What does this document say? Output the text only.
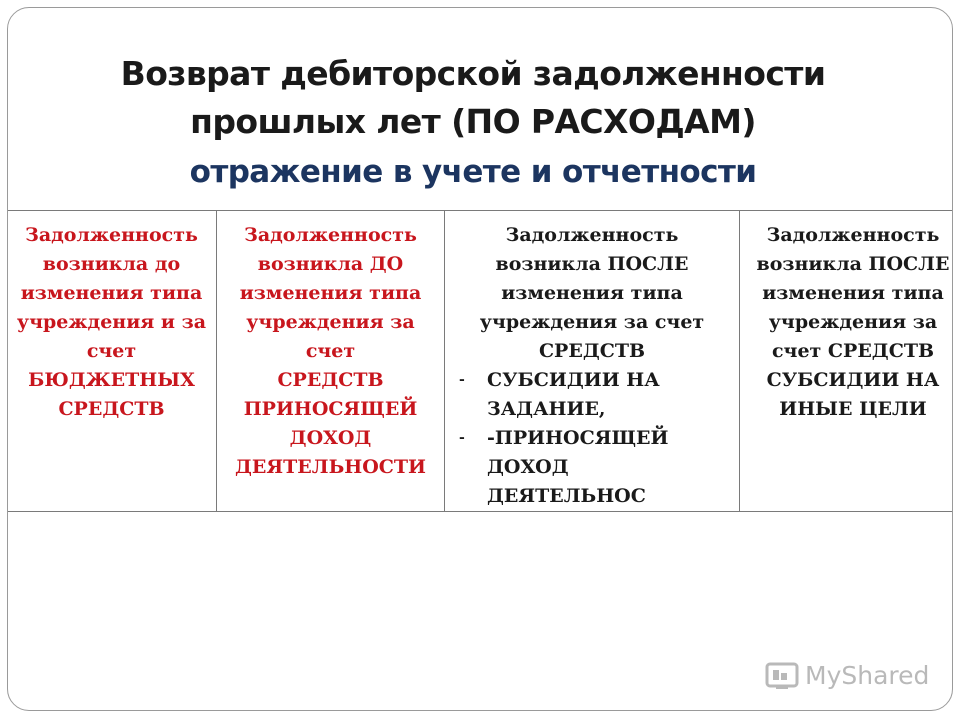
Возврат дебиторской задолженности
прошлых лет (ПО РАСХОДАМ)
отражение в учете и отчетности
Задолженность
возникла до
изменения типа
учреждения и за
счет
БЮДЖЕТНЫХ
СРЕДСТВ

Задолженность
возникла ДО
изменения типа
учреждения за
счет
СРЕДСТВ
ПРИНОСЯЩЕЙ
ДОХОД
ДЕЯТЕЛЬНОСТИ

Задолженность
возникла ПОСЛЕ
изменения типа
учреждения за счет
СРЕДСТВ
- СУБСИДИИ НА ЗАДАНИЕ,
- -ПРИНОСЯЩЕЙ ДОХОД ДЕЯТЕЛЬНОС

Задолженность
возникла ПОСЛЕ
изменения типа
учреждения за
счет СРЕДСТВ
СУБСИДИИ НА
ИНЫЕ ЦЕЛИ
MyShared
